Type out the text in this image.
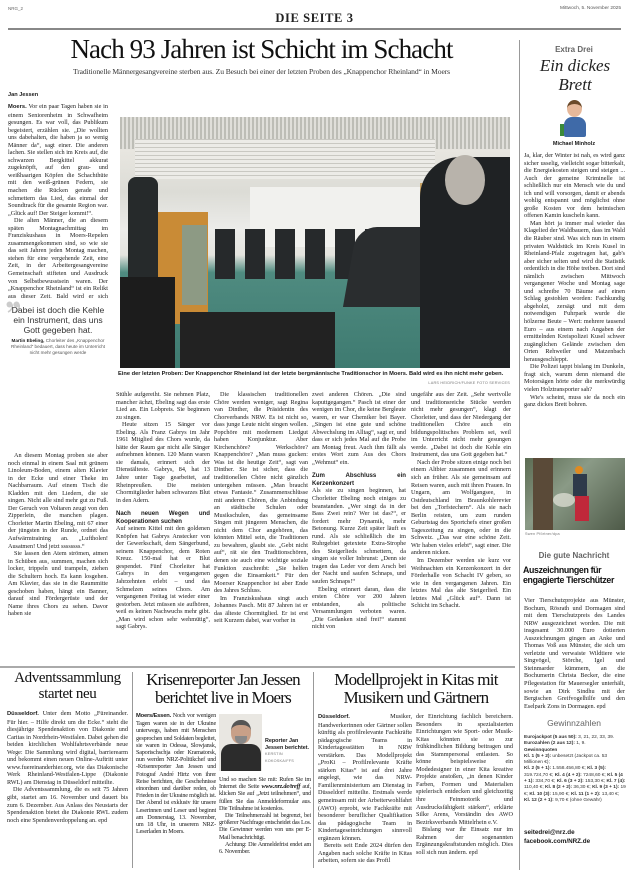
NRG_2	Mittwoch, 5. November 2025
DIE SEITE 3
Nach 93 Jahren ist Schicht im Schacht
Traditionelle Männergesangvereine sterben aus. Zu Besuch bei einer der letzten Proben des „Knappenchor Rheinland“ in Moers
Jan Jessen

Moers. Vor ein paar Tagen haben sie in einem Seniorenheim in Schwafheim gesungen. Es war voll, das Publikum begeistert, erzählen sie. „Die wollten uns dabehalten, die haben ja so wenig Männer da“, sagt einer. Die anderen lachen. Sie stellen sich im Kreis auf, die schwarzen Bergkittel akkurat zugeknöpft, auf den grau- und weißhaarigen Köpfen die Schachthüte mit den weiß-grünen Federn, sie machen die Rücken gerade und schmettern das Lied, das einmal der Soundtrack für die gesamte Region war. „Glück auf! Der Steiger kommt!“.

Die alten Männer, die an diesem späten Montagnachmittag im Franziskushaus in Moers-Repelen zusammengekommen sind, so wie sie das seit Jahren jeden Montag machen, stehen für eine vergehende Zeit, eine Zeit, in der Arbeitergesangvereine Gemeinschaft stifteten und Ausdruck von Selbstbewusstsein waren. Der „Knappenchor Rheinland“ ist ein Relikt aus dieser Zeit. Bald wird er sich

Dabei ist doch die Kehle ein Instrument, das uns Gott gegeben hat.
Martin Ebeling, Chorleiter des „Knappenchor Rheinland“ bedauert, dass heute im Unterricht nicht mehr gesungen werde

An diesem Montag proben sie aber noch einmal in einem Saal mit grünem Linoleum-Boden, einem alten Klavier in der Ecke und einer Theke im Nachbarraum. Auf einem Tisch die Kladden mit den Liedern, die sie singen. Nicht alle sind mehr gut zu Fuß. Der Geruch von Voltaren zeugt von den Zipperlein, die manchen plagen. Chorleiter Martin Ebeling, mit 67 einer der jüngsten in der Runde, ordnet das Aufwärmtraining an. „Luftholen! Ausatmen! Und jetzt ssssssss.“

Sie lassen den Atem strömen, atmen in Schüben aus, summen, machen sich locker, trippeln und trampeln, ziehen die Schultern hoch. Es kann losgehen. Am Klavier, das sie in die Raummitte geschoben haben, hängt ein Banner, darauf sind Fördergerüste und der Name ihres Chors zu sehen. Davor haben sie

Eine der letzten Proben: Der Knappenchor Rheinland ist der letzte bergmännische Traditionschor in Moers. Bald wird es ihn nicht mehr geben.
LARS HEIDRICH/FUNKE FOTO SERVICES

Stühle aufgereiht. Sie nehmen Platz, mancher ächzt, Ebeling sagt das erste Lied an. Ein Lobpreis. Sie beginnen zu singen.

Heute sitzen 15 Sänger vor Ebeling. Als Franz Gabrys im Jahr 1961 Mitglied des Chors wurde, da hätte der Raum gar nicht alle Sänger aufnehmen können. 120 Mann waren sie damals, erinnert sich der Dienstälteste. Gabrys, 84, hat 13 Jahre unter Tage gearbeitet, auf Rheinpreußen. Die meisten Chormitglieder haben schwarzes Blut in den Adern.

Nach neuen Wegen und Kooperationen suchen

Auf seinem Kittel mit den goldenen Knöpfen hat Gabrys Anstecker von der Gewerkschaft, dem Sängerbund, seinem Knappenchor, dem Roten Kreuz. 150-mal hat er Blut gespendet. Fünf Chorleiter hat Gabrys in den vergangenen Jahrzehnten erlebt – und das Schmelzen seines Chors. Am vergangenen Freitag ist wieder einer gestorben. Jetzt müssen sie aufhören, weil es keinen Nachwuchs mehr gibt. „Man wird schon sehr wehmütig“, sagt Gabrys.

Die klassischen traditionellen Chöre werden weniger, sagt Regina van Dinther, die Präsidentin des Chorverbands NRW. Es ist nicht so, dass junge Leute nicht singen wollen. Popchöre mit modernem Liedgut haben Konjunktur. Aber Kirchenchöre? Werkschöre? Knappenchöre? „Man muss gucken: Was ist die heutige Zeit“, sagt van Dinther. Sie ist sicher, dass die traditionellen Chöre nicht gänzlich untergehen müssen. „Man braucht etwas Fantasie.“ Zusammenschlüsse mit anderen Chören, die Anbindung an städtische Schulen oder Musikschulen, das gemeinsame Singen mit jüngeren Menschen, die nicht dem Chor angehören, das könnten Mittel sein, die Traditionen zu bewahren, glaubt sie. „Gebt nicht auf“, rät sie den Traditionschören, denen sie auch eine wichtige soziale Funktion zuschreibt: „Sie helfen gegen die Einsamkeit.“ Für den Moerser Knappenchor ist aber Ende des Jahres Schluss.

Im Franziskushaus singt auch Johannes Pasch. Mit 87 Jahren ist er das älteste Chormitglied. Er ist erst seit Kurzem dabei, war vorher in

zwei anderen Chören. „Die sind kaputtgegangen.“ Pasch ist einer der wenigen im Chor, die keine Bergleute waren, er war Chemiker bei Bayer. „Singen ist eine gute und schöne Abwechslung im Alltag“, sagt er, und dass er sich jedes Mal auf die Probe am Montag freut. Auch ihm fällt als erstes Wort zum Aus des Chors „Wehmut“ ein.

Zum Abschluss ein Kerzenkonzert

Als sie zu singen beginnen, hat Chorleiter Ebeling noch einiges zu beanstanden. „Wer singt da in der Bass Zwei rein? Wer ist das?“, er fordert mehr Dynamik, mehr Betonung. Kurze Zeit später läuft es rund. Als sie schließlich die im Ruhrgebiet getextete Extra-Strophe des Steigerlieds schmettern, da singen sie voller Inbrunst: „Denn sie tragen das Leder vor dem Arsch bei der Nacht und saufen Schnaps, und saufen Schnaps!“

Ebeling erinnert daran, dass die ersten Chöre vor 200 Jahren entstanden, als politische Versammlungen verboten waren. „Die Gedanken sind frei!“ stammt nicht von

ungefähr aus der Zeit. „Sehr wertvolle und traditionsreiche Stücke werden nicht mehr gesungen“, klagt der Chorleiter, und dass der Niedergang der traditionellen Chöre auch ein bildungspolitisches Problem sei, weil im Unterricht nicht mehr gesungen werde. „Dabei ist doch die Kehle ein Instrument, das uns Gott gegeben hat.“

Nach der Probe sitzen einige noch bei einem Altbier zusammen und erinnern sich an früher. Als sie gemeinsam auf Reisen waren, auch mit ihren Frauen. In Ungarn, am Wolfgangsee, in Ostdeutschland im Braunkohlerevier bei den „Torfstechern“. Als sie nach Berlin reisten, um zum runden Geburtstag des Sportchefs einer großen Tageszeitung zu singen, oder in die Schweiz. „Das war eine schöne Zeit. Wir haben vieles erlebt“, sagt einer. Die anderen nicken.

Im Dezember werden sie kurz vor Weihnachten ein Kerzenkonzert in der Förderhalle von Schacht IV geben, so wie in den vergangenen Jahren. Ein letztes Mal das alte Steigerlied. Ein letztes Mal „Glück auf“. Dann ist Schicht im Schacht.

Extra Drei
Ein dickes Brett
Michael Minholz

Ja, klar, der Winter ist nah, es wird ganz sicher usselig, vielleicht sogar bitterkalt, die Energiekosten steigen und steigen ... Auch der gemeine Kriminelle ist schließlich nur ein Mensch wie du und ich und will vorsorgen, damit er abends wohlig entspannt und möglichst ohne große Kosten vor dem heimischen offenen Kamin kuscheln kann.

Man hört ja immer mal wieder das Klagelied der Waldbauern, dass im Wald die Räuber sind. Was sich nun in einem privaten Waldstück im Kreis Kusel in Rheinland-Pfalz zugetragen hat, gab's aber sicher selten und wird die Statistik ordentlich in die Höhe treiben. Dort sind nämlich zwischen Mittwoch vergangener Woche und Montag sage und schreibe 70 Bäume auf einen Schlag gestohlen worden: Fachkundig abgeholzt, zersägt und mit dem notwendigen Fuhrpark wurde die hölzerne Beute – Wert: mehrere tausend Euro – aus einem nach Angaben der ermittelnden Kreispolizei Kusel schwer zugänglichen Gelände zwischen den Orten Rehweiler und Matzenbach herausgeschleppt.

Die Polizei tappt bislang im Dunkeln, fragt sich, warum denn niemand die Motorsägen hörte oder die merkwürdig vielen Holztransporter sah?

Wie's scheint, muss sie da noch ein ganz dickes Brett bohren.

Swen Pförtner/dpa
Die gute Nachricht
Auszeichnungen für engagierte Tierschützer

Vier Tierschutzprojekte aus Münster, Bochum, Rösrath und Dormagen sind mit dem Tierschutzpreis des Landes NRW ausgezeichnet worden. Die mit insgesamt 30.000 Euro dotierten Auszeichnungen gingen an Anke und Thomas Voß aus Münster, die sich um verletzte und verwaiste Wildtiere wie Singvögel, Störche, Igel und Steinmarder kümmern, an die Bochumerin Christa Becker, die eine Pflegestation für Mauersegler unterhält, sowie an Dirk Sindhu mit der Bergischen Greifvogelhilfe und den Eselpark Zons in Dormagen. epd

Gewinnzahlen
Eurojackpot (5 aus 50): 3, 21, 22, 33, 39.
Eurozahlen (2 aus 12): 1, 9.
Gewinnquoten
Kl. 1 (5 + 2): unbesetzt (Jackpot ca. 53 Millionen €);
Kl. 2 (5 + 1): 1.558.456,80 €; Kl. 3 (5): 319.724,70 €; Kl. 4 (4 + 2): 7248,60 €; Kl. 5 (4 + 1): 334,70 €; Kl. 6 (3 + 2): 153,30 €; Kl. 7 (4): 110,40 €; Kl. 8 (2 + 2): 36,30 €; Kl. 9 (3 + 1): 19 €; Kl. 10 (3): 15,90 €; Kl. 11 (1 + 2): 13,40 €; Kl. 12 (2 + 1): 9,70 € (ohne Gewähr)
seitedrei@nrz.de
facebook.com/NRZ.de
Adventssammlung startet neu

Düsseldorf. Unter dem Motto „Füreinander. Für hier. – Hilfe direkt um die Ecke.“ steht die diesjährige Spendenaktion von Diakonie und Caritas in Nordrhein-Westfalen. Dabei gehen die beiden kirchlichen Wohlfahrtsverbände neue Wege: Die Sammlung wird digital, barrierearm und bekommt einen neuen Online-Auftritt unter www.fuereinanderhier.org, wie das Diakonische Werk Rheinland-Westfalen-Lippe (Diakonie RWL) am Dienstag in Düsseldorf mitteilte.

Die Adventssammlung, die es seit 75 Jahren gibt, startet am 16. November und dauert bis zum 6. Dezember. Aus Anlass des Neustarts der Spendenaktion bietet die Diakonie RWL zudem noch eine Spendenverdoppelung an. epd

Krisenreporter Jan Jessen berichtet live in Moers

Moers/Essen. Noch vor wenigen Tagen waren sie in der Ukraine unterwegs, haben mit Menschen gesprochen und Soldaten begleitet, sie waren in Odessa, Slowjansk, Saporischschja oder Kramatorsk, nun werden NRZ-Politikchef und -Krisenreporter Jan Jessen und Fotograf André Hirtz von ihrer Reise berichten, die Geschehnisse einordnen und darüber reden, ob Frieden in der Ukraine möglich ist. Der Abend ist exklusiv für unsere Leserinnen und Leser und beginnt am Donnerstag, 13. November, um 18 Uhr, in unserem NRZ-Leserladen in Moers.

Reporter Jan Jessen berichtet. KERSTIN KOKOSKA/FFS

Und so machen Sie mit: Rufen Sie im Internet die Seite www.nrz.de/treff auf, klicken Sie auf „Jetzt teilnehmen“, und füllen Sie das Anmeldeformular aus. Die Teilnahme ist kostenlos.

Die Teilnehmerzahl ist begrenzt, bei größerer Nachfrage entscheidet das Los. Die Gewinner werden von uns per E-Mail benachrichtigt.

Achtung: Die Anmeldefrist endet am 6. November.

Modellprojekt in Kitas mit Musikern und Gärtnern

Düsseldorf.	Musiker, Handwerkerinnen oder Gärtner sollen künftig als profilrelevante Fachkräfte pädagogische Teams in Kindertagesstätten in NRW verstärken. Das Modellprojekt „ProKi – Profilrelevante Kräfte stärken Kitas“ ist auf drei Jahre angelegt, wie das NRW-Familienministerium am Dienstag in Düsseldorf mitteilte. Erstmals werde gemeinsam mit der Arbeiterwohlfahrt (AWO) erprobt, wie Fachkräfte mit besonderer beruflicher Qualifikation das pädagogische Team in Kindertageseinrichtungen sinnvoll ergänzen können.

Bereits seit Ende 2024 dürfen den Angaben nach solche Kräfte in Kitas arbeiten, sofern sie das Profil

der Einrichtung fachlich bereichern. Besonders in spezialisierten Einrichtungen wie Sport- oder Musik-Kitas könnten sie so zur frühkindlichen Bildung beitragen und das Stammpersonal entlasten. So könne beispielsweise ein Modedesigner in einer Kita kreative Projekte anstoßen, „in denen Kinder Farben, Formen und Materialien spielerisch entdecken und gleichzeitig ihre Feinmotorik und Ausdrucksfähigkeit stärken“, erklärte Silke Arens, Vorständin des AWO Bezirksverbands Mittelrhein e.V.

Bislang war ihr Einsatz nur im Rahmen der sogenannten Ergänzungskraftstunden möglich. Dies soll sich nun ändern. epd
